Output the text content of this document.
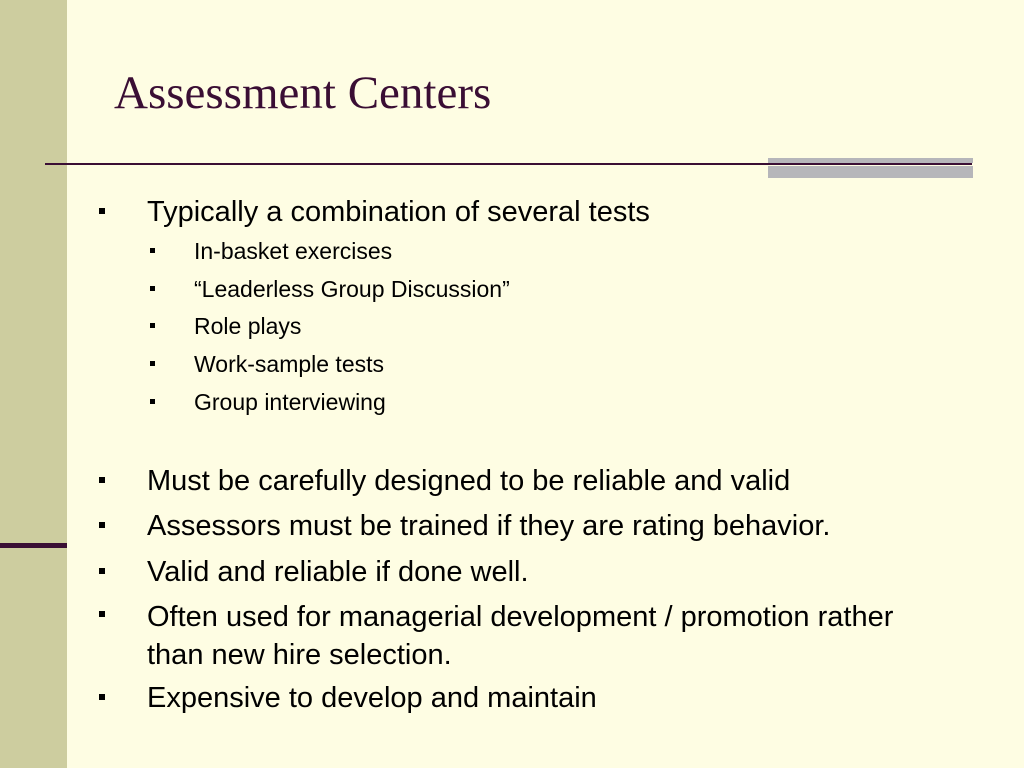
Assessment Centers
Typically a combination of several tests
In-basket exercises
“Leaderless Group Discussion”
Role plays
Work-sample tests
Group interviewing
Must be carefully designed to be reliable and valid
Assessors must be trained if they are rating behavior.
Valid and reliable if done well.
Often used for managerial development / promotion rather than new hire selection.
Expensive to develop and maintain
